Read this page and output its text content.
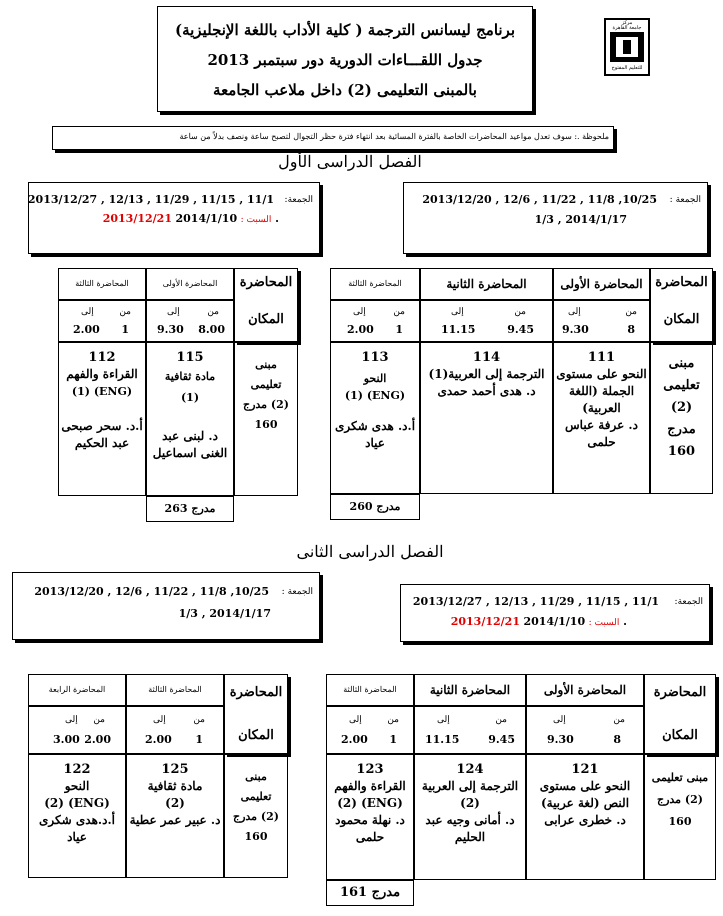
مركز
جامعة القاهرة
للتعليم المفتوح
برنامج ليسانس الترجمة ( كلية الأداب باللغة الإنجليزية)
جدول اللقـــاءات الدورية دور سبتمبر 2013
بالمبنى التعليمى (2) داخل ملاعب الجامعة
ملحوظة .: سوف تعدل مواعيد المحاضرات الخاصة بالفترة المسائية بعد انتهاء فترة حظر التجوال لتصبح ساعة ونصف بدلاً من ساعة
الفصل الدراسى الأول
الجمعة :
2013/12/20 , 12/6 , 11/22 , 11/8 ,10/25
1/3 , 2014/1/17
الجمعة:
2013/12/27 , 12/13 , 11/29 , 11/15 , 11/1
2013/12/21	السبت : 2014/1/10 .
المحاضرة
المكان
المحاضرة الأولى
المحاضرة الثانية
المحاضرة الثالثة
من
إلى
8
9.30
من
إلى
9.45
11.15
من
إلى
1
2.00
مبنى تعليمى (2) مدرج 160
111
النحو على مستوى الجملة (اللغة العربية)
د. عرفة عباس حلمى
114
الترجمة إلى العربية(1)
د. هدى أحمد حمدى
113
النحو
(1) (ENG)
أ.د. هدى شكرى عياد
مدرج 260
المحاضرة
المكان
المحاضرة الأولى
المحاضرة الثالثة
من
إلى
8.00
9.30
من
إلى
1
2.00
مبنى تعليمى (2) مدرج 160
115
مادة ثقافية
(1)
د. لبنى عبد الغنى اسماعيل
112
القراءة والفهم
(1) (ENG)
أ.د. سحر صبحى عبد الحكيم
مدرج 263
الفصل الدراسى الثانى
الجمعة :
2013/12/20 , 12/6 , 11/22 , 11/8 ,10/25
1/3 , 2014/1/17
الجمعة:
2013/12/27 , 12/13 , 11/29 , 11/15 , 11/1
2013/12/21	السبت : 2014/1/10 .
المحاضرة
المكان
المحاضرة الأولى
المحاضرة الثانية
المحاضرة الثالثة
من
إلى
8
9.30
من
إلى
9.45
11.15
من
إلى
1
2.00
مبنى تعليمى (2) مدرج 160
121
النحو على مستوى النص (لغة عربية)
د. خطرى عرابى
124
الترجمة إلى العربية
(2)
د. أمانى وجيه عبد الحليم
123
القراءة والفهم
(2) (ENG)
د. نهلة محمود حلمى
مدرج 161
المحاضرة
المكان
المحاضرة الثالثة
المحاضرة الرابعة
من
إلى
1
2.00
من
إلى
2.00
3.00
مبنى تعليمى (2) مدرج 160
125
مادة ثقافية
(2)
د. عبير عمر عطية
122
النحو
(2) (ENG)
أ.د.هدى شكرى عياد
